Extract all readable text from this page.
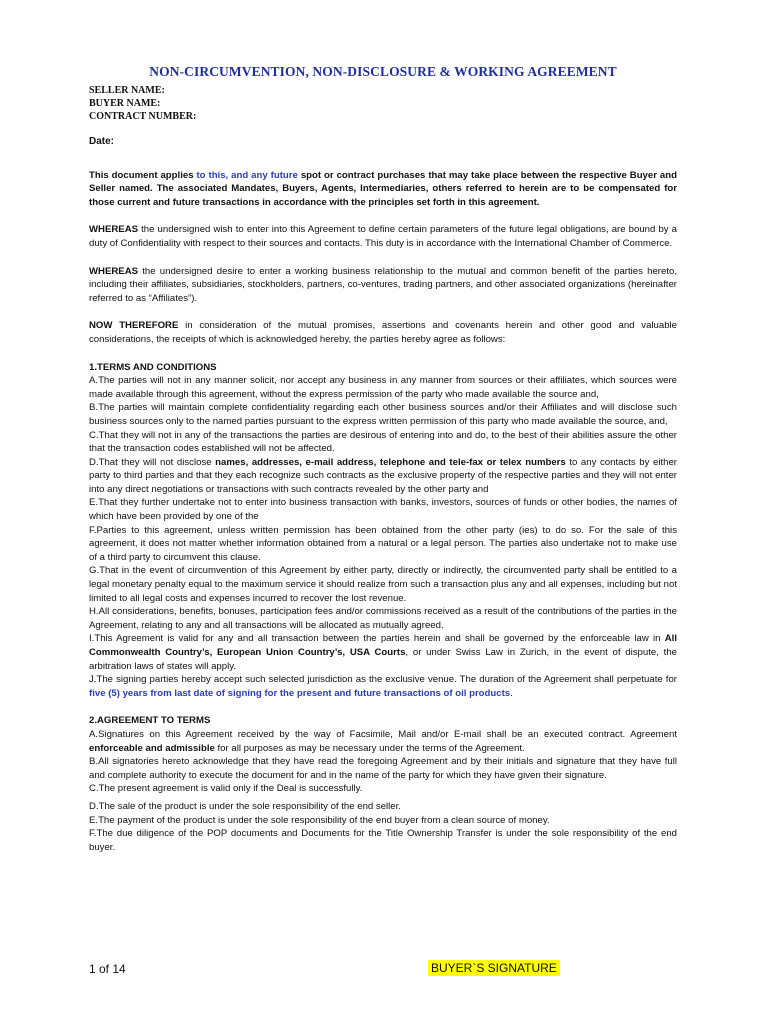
NON-CIRCUMVENTION, NON-DISCLOSURE & WORKING AGREEMENT

SELLER NAME:

BUYER NAME:

CONTRACT NUMBER:

Date:

This document applies to this, and any future spot or contract purchases that may take place between the respective Buyer and Seller named. The associated Mandates, Buyers, Agents, Intermediaries, others referred to herein are to be compensated for those current and future transactions in accordance with the principles set forth in this agreement.

WHEREAS the undersigned wish to enter into this Agreement to define certain parameters of the future legal obligations, are bound by a duty of Confidentiality with respect to their sources and contacts. This duty is in accordance with the International Chamber of Commerce.

WHEREAS the undersigned desire to enter a working business relationship to the mutual and common benefit of the parties hereto, including their affiliates, subsidiaries, stockholders, partners, co-ventures, trading partners, and other associated organizations (hereinafter referred to as “Affiliates”).

NOW THEREFORE in consideration of the mutual promises, assertions and covenants herein and other good and valuable considerations, the receipts of which is acknowledged hereby, the parties hereby agree as follows:

1.TERMS AND CONDITIONS

A.The parties will not in any manner solicit, nor accept any business in any manner from sources or their affiliates, which sources were made available through this agreement, without the express permission of the party who made available the source and,

B.The parties will maintain complete confidentiality regarding each other business sources and/or their Affiliates and will disclose such business sources only to the named parties pursuant to the express written permission of this party who made available the source, and,

C.That they will not in any of the transactions the parties are desirous of entering into and do, to the best of their abilities assure the other that the transaction codes established will not be affected.

D.That they will not disclose names, addresses, e-mail address, telephone and tele-fax or telex numbers to any contacts by either party to third parties and that they each recognize such contracts as the exclusive property of the respective parties and they will not enter into any direct negotiations or transactions with such contracts revealed by the other party and

E.That they further undertake not to enter into business transaction with banks, investors, sources of funds or other bodies, the names of which have been provided by one of the

F.Parties to this agreement, unless written permission has been obtained from the other party (ies) to do so. For the sale of this agreement, it does not matter whether information obtained from a natural or a legal person. The parties also undertake not to make use of a third party to circumvent this clause.

G.That in the event of circumvention of this Agreement by either party, directly or indirectly, the circumvented party shall be entitled to a legal monetary penalty equal to the maximum service it should realize from such a transaction plus any and all expenses, including but not limited to all legal costs and expenses incurred to recover the lost revenue.

H.All considerations, benefits, bonuses, participation fees and/or commissions received as a result of the contributions of the parties in the Agreement, relating to any and all transactions will be allocated as mutually agreed.

I.This Agreement is valid for any and all transaction between the parties herein and shall be governed by the enforceable law in All Commonwealth Country’s, European Union Country’s, USA Courts, or under Swiss Law in Zurich, in the event of dispute, the arbitration laws of states will apply.

J.The signing parties hereby accept such selected jurisdiction as the exclusive venue. The duration of the Agreement shall perpetuate for five (5) years from last date of signing for the present and future transactions of oil products.

2.AGREEMENT TO TERMS

A.Signatures on this Agreement received by the way of Facsimile, Mail and/or E-mail shall be an executed contract. Agreement enforceable and admissible for all purposes as may be necessary under the terms of the Agreement.

B.All signatories hereto acknowledge that they have read the foregoing Agreement and by their initials and signature that they have full and complete authority to execute the document for and in the name of the party for which they have given their signature.

C.The present agreement is valid only if the Deal is successfully.

D.The sale of the product is under the sole responsibility of the end seller.

E.The payment of the product is under the sole responsibility of the end buyer from a clean source of money.

F.The due diligence of the POP documents and Documents for the Title Ownership Transfer is under the sole responsibility of the end buyer.

1 of 14	BUYER`S SIGNATURE
